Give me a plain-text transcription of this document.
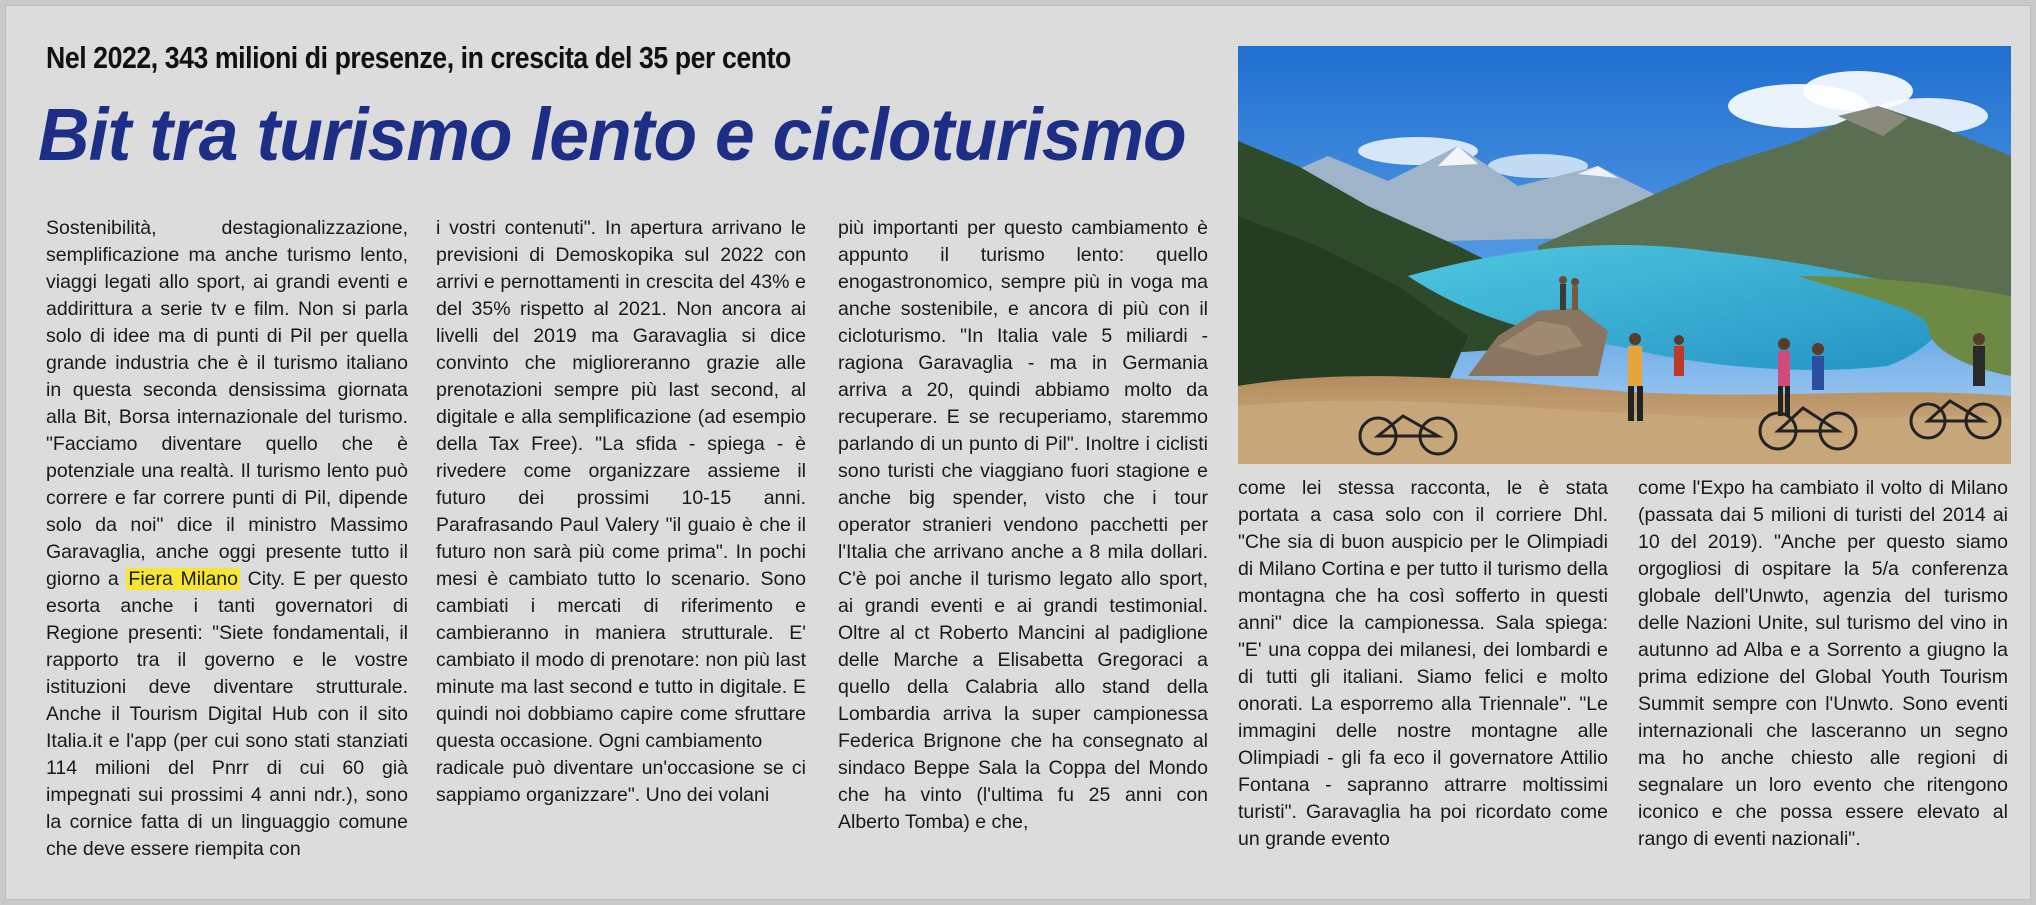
Nel 2022, 343 milioni di presenze, in crescita del 35 per cento
Bit tra turismo lento e cicloturismo
Sostenibilità, destagionalizzazione, semplificazione ma anche turismo lento, viaggi legati allo sport, ai grandi eventi e addirittura a serie tv e film. Non si parla solo di idee ma di punti di Pil per quella grande industria che è il turismo italiano in questa seconda densissima giornata alla Bit, Borsa internazionale del turismo. "Facciamo diventare quello che è potenziale una realtà. Il turismo lento può correre e far correre punti di Pil, dipende solo da noi" dice il ministro Massimo Garavaglia, anche oggi presente tutto il giorno a Fiera Milano City. E per questo esorta anche i tanti governatori di Regione presenti: "Siete fondamentali, il rapporto tra il governo e le vostre istituzioni deve diventare strutturale. Anche il Tourism Digital Hub con il sito Italia.it e l'app (per cui sono stati stanziati 114 milioni del Pnrr di cui 60 già impegnati sui prossimi 4 anni ndr.), sono la cornice fatta di un linguaggio comune che deve essere riempita con

i vostri contenuti". In apertura arrivano le previsioni di Demoskopika sul 2022 con arrivi e pernottamenti in crescita del 43% e del 35% rispetto al 2021. Non ancora ai livelli del 2019 ma Garavaglia si dice convinto che miglioreranno grazie alle prenotazioni sempre più last second, al digitale e alla semplificazione (ad esempio della Tax Free). "La sfida - spiega - è rivedere come organizzare assieme il futuro dei prossimi 10-15 anni. Parafrasando Paul Valery "il guaio è che il futuro non sarà più come prima". In pochi mesi è cambiato tutto lo scenario. Sono cambiati i mercati di riferimento e cambieranno in maniera strutturale. E' cambiato il modo di prenotare: non più last minute ma last second e tutto in digitale. E quindi noi dobbiamo capire come sfruttare questa occasione. Ogni cambiamento

radicale può diventare un'occasione se ci sappiamo organizzare". Uno dei volani

più importanti per questo cambiamento è appunto il turismo lento: quello enogastronomico, sempre più in voga ma anche sostenibile, e ancora di più con il cicloturismo. "In Italia vale 5 miliardi - ragiona Garavaglia - ma in Germania arriva a 20, quindi abbiamo molto da recuperare. E se recuperiamo, staremmo parlando di un punto di Pil". Inoltre i ciclisti sono turisti che viaggiano fuori stagione e anche big spender, visto che i tour operator stranieri vendono pacchetti per l'Italia che arrivano anche a 8 mila dollari. C'è poi anche il turismo legato allo sport, ai grandi eventi e ai grandi testimonial. Oltre al ct Roberto Mancini al padiglione delle Marche a Elisabetta Gregoraci a quello della Calabria allo stand della Lombardia arriva la super campionessa Federica Brignone che ha consegnato al sindaco Beppe Sala la Coppa del Mondo che ha vinto (l'ultima fu 25 anni con Alberto Tomba) e che,
come lei stessa racconta, le è stata portata a casa solo con il corriere Dhl. "Che sia di buon auspicio per le Olimpiadi di Milano Cortina e per tutto il turismo della montagna che ha così sofferto in questi anni" dice la campionessa. Sala spiega: "E' una coppa dei milanesi, dei lombardi e di tutti gli italiani. Siamo felici e molto onorati. La esporremo alla Triennale". "Le immagini delle nostre montagne alle Olimpiadi - gli fa eco il governatore Attilio Fontana - sapranno attrarre moltissimi turisti". Garavaglia ha poi ricordato come un grande evento
come l'Expo ha cambiato il volto di Milano (passata dai 5 milioni di turisti del 2014 ai 10 del 2019). "Anche per questo siamo orgogliosi di ospitare la 5/a conferenza globale dell'Unwto, agenzia del turismo delle Nazioni Unite, sul turismo del vino in autunno ad Alba e a Sorrento a giugno la prima edizione del Global Youth Tourism Summit sempre con l'Unwto. Sono eventi internazionali che lasceranno un segno ma ho anche chiesto alle regioni di segnalare un loro evento che ritengono iconico e che possa essere elevato al rango di eventi nazionali".
